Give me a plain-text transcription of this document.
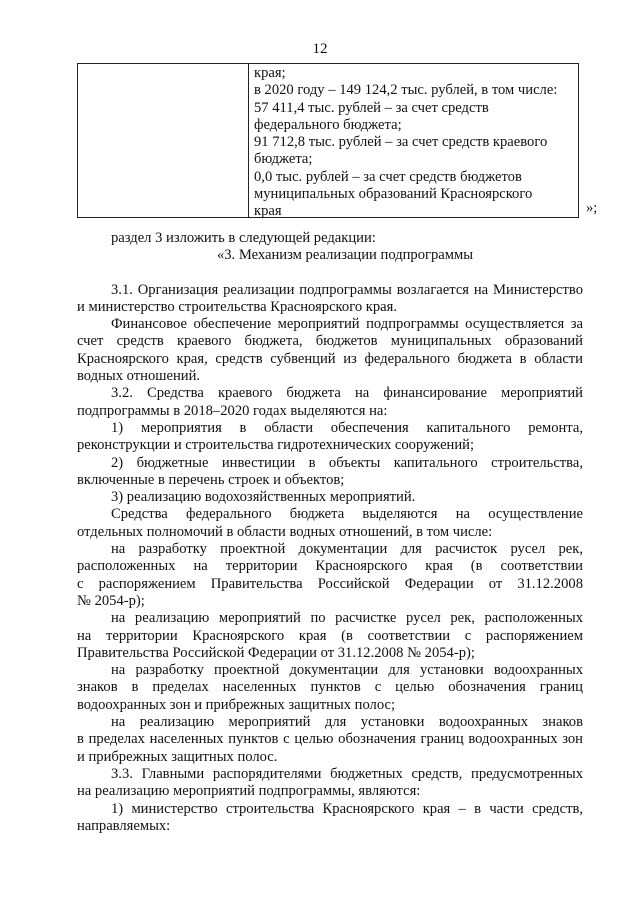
12
края;
в 2020 году – 149 124,2 тыс. рублей, в том числе:
57 411,4 тыс. рублей – за счет средств
федерального бюджета;
91 712,8 тыс. рублей – за счет средств краевого
бюджета;
0,0 тыс. рублей – за счет средств бюджетов
муниципальных образований Красноярского
края	»;
раздел 3 изложить в следующей редакции:
«3. Механизм реализации подпрограммы
3.1. Организация реализации подпрограммы возлагается на Министерство
и министерство строительства Красноярского края.
Финансовое обеспечение мероприятий подпрограммы осуществляется за
счет средств краевого бюджета, бюджетов муниципальных образований
Красноярского края, средств субвенций из федерального бюджета в области
водных отношений.
3.2. Средства краевого бюджета на финансирование мероприятий
подпрограммы в 2018–2020 годах выделяются на:
1) мероприятия в области обеспечения капитального ремонта,
реконструкции и строительства гидротехнических сооружений;
2) бюджетные инвестиции в объекты капитального строительства,
включенные в перечень строек и объектов;
3) реализацию водохозяйственных мероприятий.
Средства федерального бюджета выделяются на осуществление
отдельных полномочий в области водных отношений, в том числе:
на разработку проектной документации для расчисток русел рек,
расположенных на территории Красноярского края (в соответствии
с распоряжением Правительства Российской Федерации от 31.12.2008
№ 2054-р);
на реализацию мероприятий по расчистке русел рек, расположенных
на территории Красноярского края (в соответствии с распоряжением
Правительства Российской Федерации от 31.12.2008 № 2054-р);
на разработку проектной документации для установки водоохранных
знаков в пределах населенных пунктов с целью обозначения границ
водоохранных зон и прибрежных защитных полос;
на реализацию мероприятий для установки водоохранных знаков
в пределах населенных пунктов с целью обозначения границ водоохранных зон
и прибрежных защитных полос.
3.3. Главными распорядителями бюджетных средств, предусмотренных
на реализацию мероприятий подпрограммы, являются:
1) министерство строительства Красноярского края – в части средств,
направляемых:
